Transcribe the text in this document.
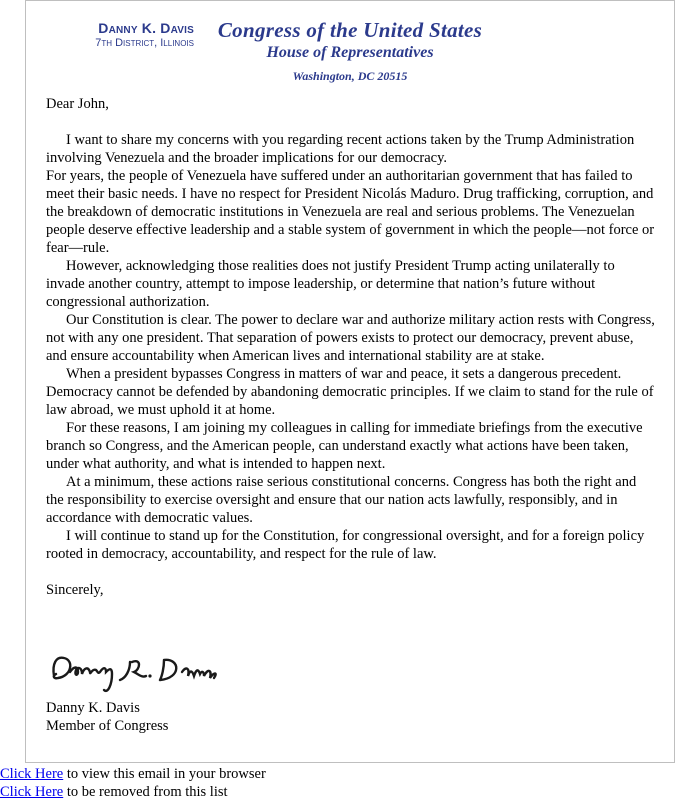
Danny K. Davis
7th District, Illinois
Congress of the United States
House of Representatives
Washington, DC 20515

Dear John,

I want to share my concerns with you regarding recent actions taken by the Trump Administration involving Venezuela and the broader implications for our democracy.

For years, the people of Venezuela have suffered under an authoritarian government that has failed to meet their basic needs. I have no respect for President Nicolás Maduro. Drug trafficking, corruption, and the breakdown of democratic institutions in Venezuela are real and serious problems. The Venezuelan people deserve effective leadership and a stable system of government in which the people—not force or fear—rule.

However, acknowledging those realities does not justify President Trump acting unilaterally to invade another country, attempt to impose leadership, or determine that nation’s future without congressional authorization.

Our Constitution is clear. The power to declare war and authorize military action rests with Congress, not with any one president. That separation of powers exists to protect our democracy, prevent abuse, and ensure accountability when American lives and international stability are at stake.

When a president bypasses Congress in matters of war and peace, it sets a dangerous precedent. Democracy cannot be defended by abandoning democratic principles. If we claim to stand for the rule of law abroad, we must uphold it at home.

For these reasons, I am joining my colleagues in calling for immediate briefings from the executive branch so Congress, and the American people, can understand exactly what actions have been taken, under what authority, and what is intended to happen next.

At a minimum, these actions raise serious constitutional concerns. Congress has both the right and the responsibility to exercise oversight and ensure that our nation acts lawfully, responsibly, and in accordance with democratic values.

I will continue to stand up for the Constitution, for congressional oversight, and for a foreign policy rooted in democracy, accountability, and respect for the rule of law.

Sincerely,

Danny K. Davis
Member of Congress
Click Here to view this email in your browser
Click Here to be removed from this list
